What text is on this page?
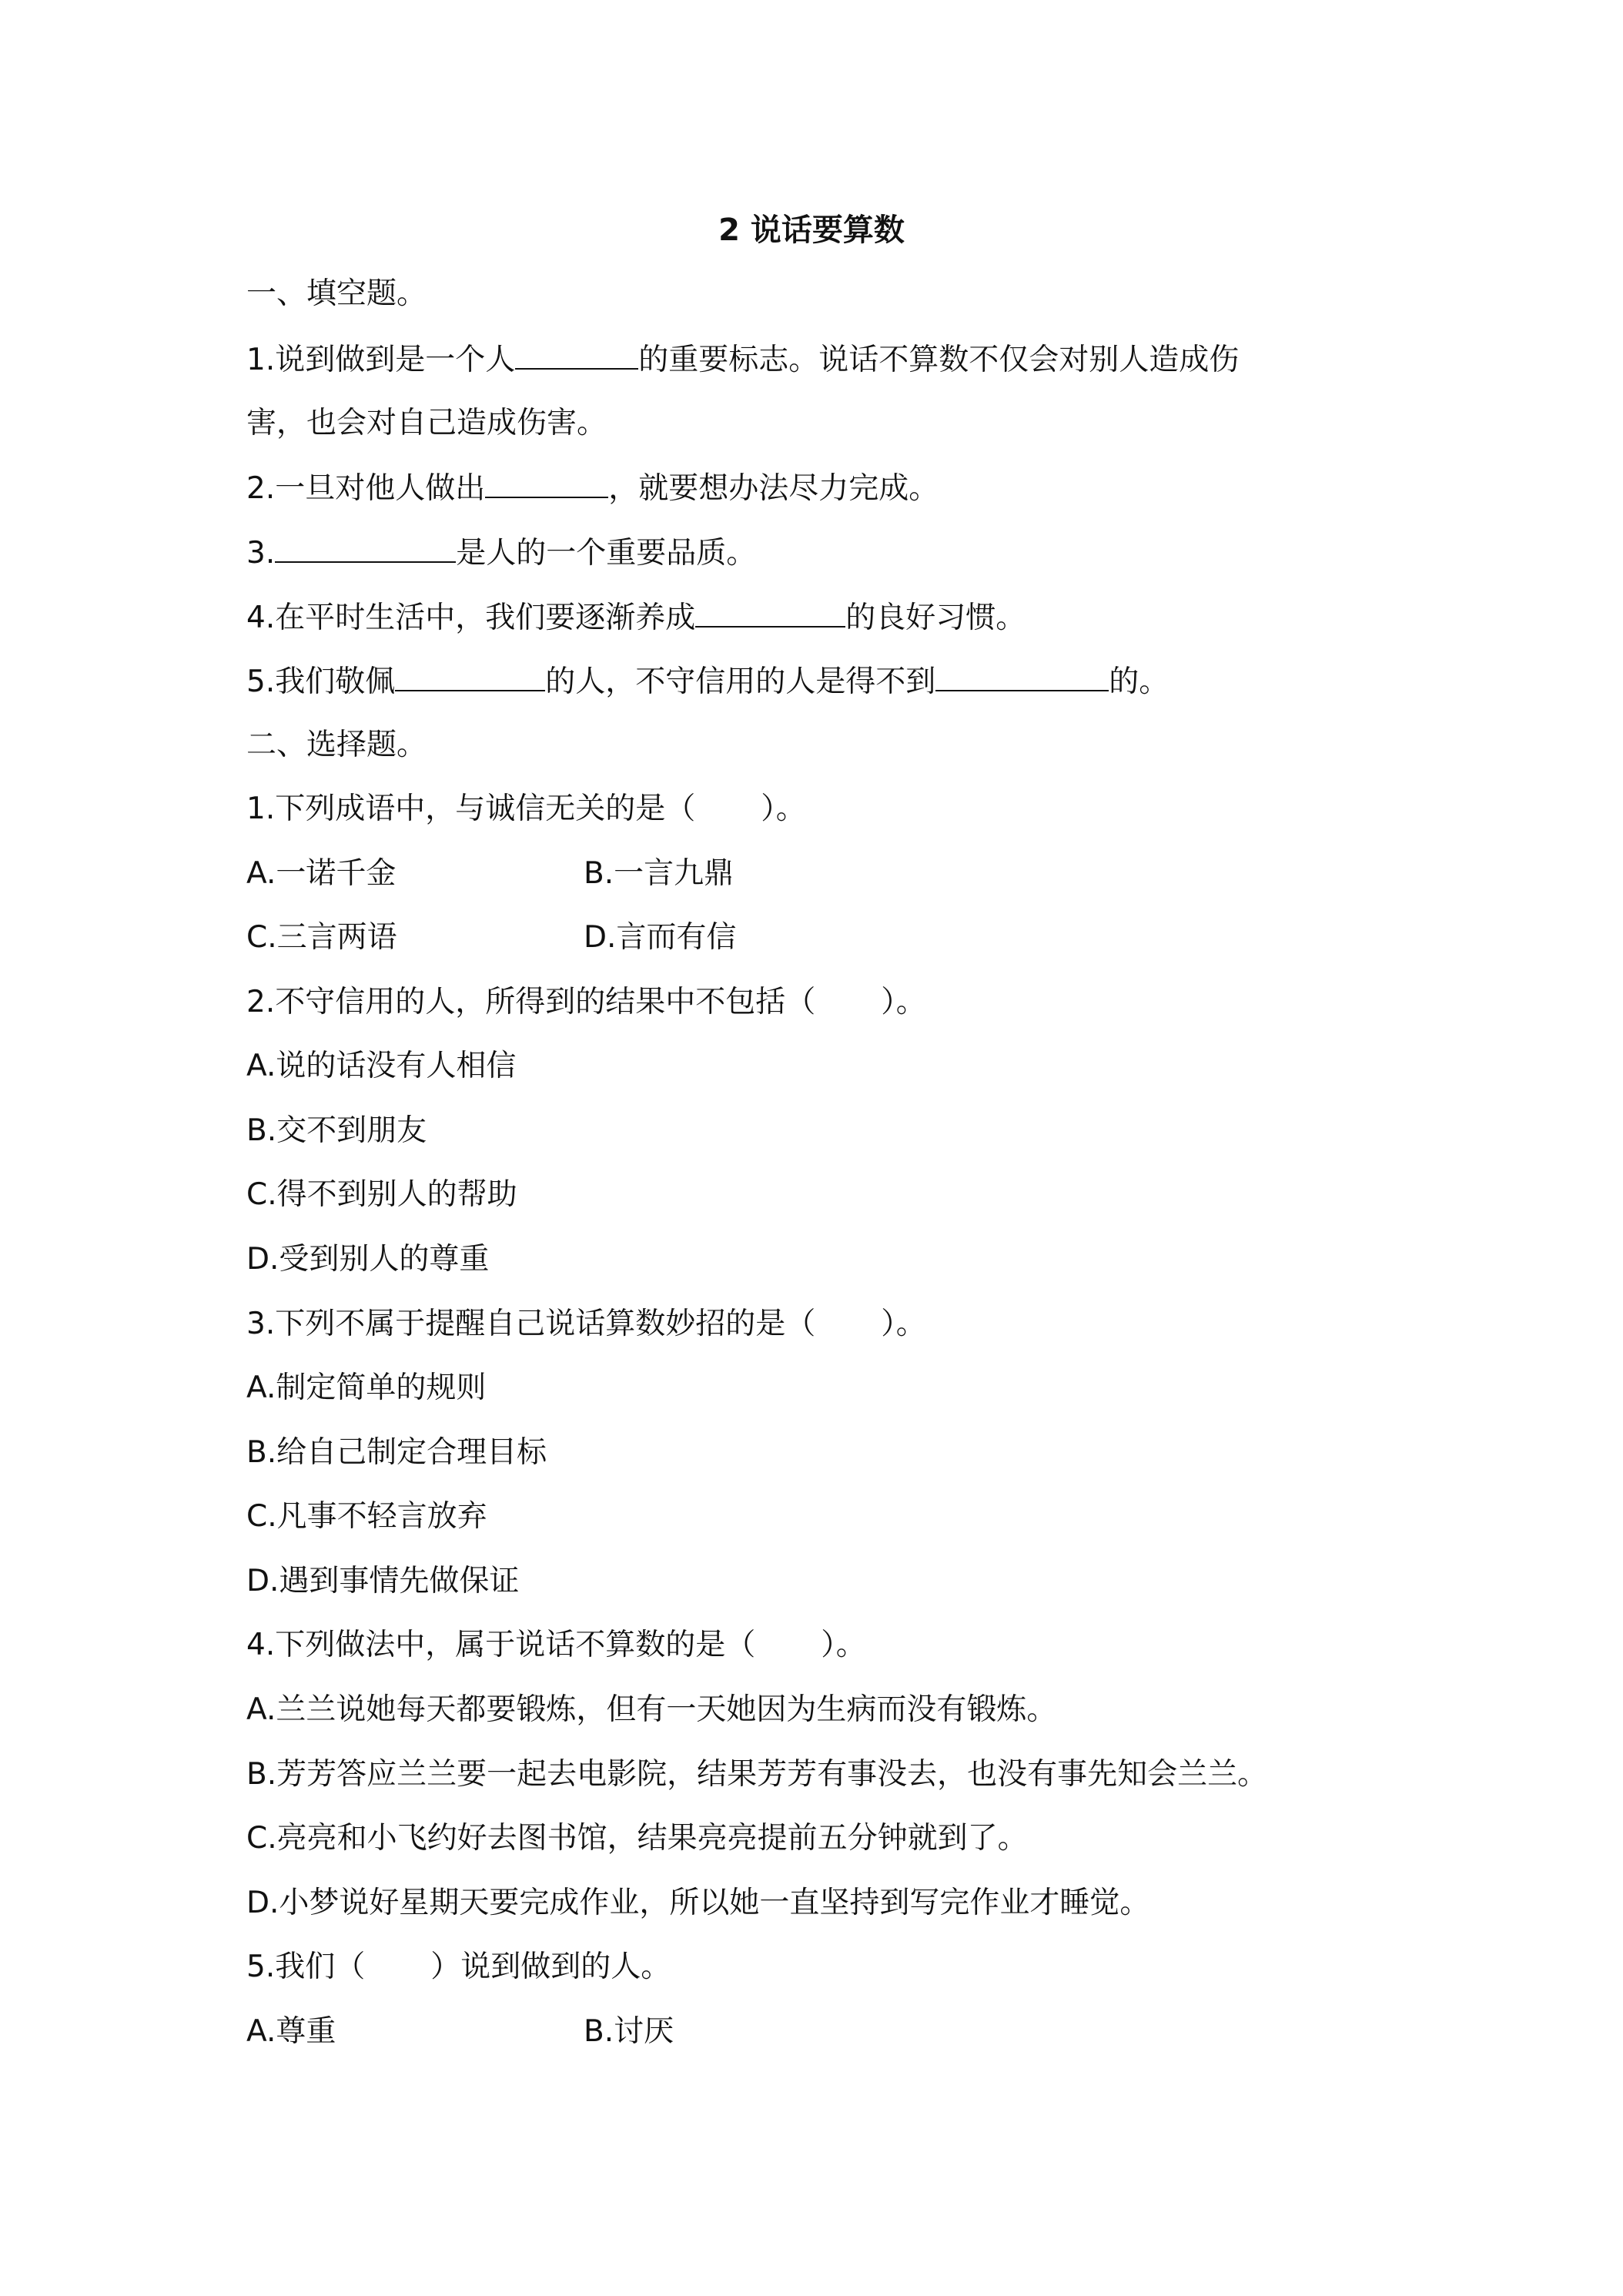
2 说话要算数

一、填空题。

1.说到做到是一个人	的重要标志。说话不算数不仅会对别人造成伤

害，也会对自己造成伤害。

2.一旦对他人做出	，就要想办法尽力完成。

3.	是人的一个重要品质。

4.在平时生活中，我们要逐渐养成	的良好习惯。

5.我们敬佩	的人，不守信用的人是得不到	的。

二、选择题。

1.下列成语中，与诚信无关的是（ ）。

A.一诺千金	B.一言九鼎

C.三言两语	D.言而有信

2.不守信用的人，所得到的结果中不包括（ ）。

A.说的话没有人相信

B.交不到朋友

C.得不到别人的帮助

D.受到别人的尊重

3.下列不属于提醒自己说话算数妙招的是（ ）。

A.制定简单的规则

B.给自己制定合理目标

C.凡事不轻言放弃

D.遇到事情先做保证

4.下列做法中，属于说话不算数的是（ ）。

A.兰兰说她每天都要锻炼，但有一天她因为生病而没有锻炼。

B.芳芳答应兰兰要一起去电影院，结果芳芳有事没去，也没有事先知会兰兰。

C.亮亮和小飞约好去图书馆，结果亮亮提前五分钟就到了。

D.小梦说好星期天要完成作业，所以她一直坚持到写完作业才睡觉。

5.我们（ ）说到做到的人。

A.尊重	B.讨厌
